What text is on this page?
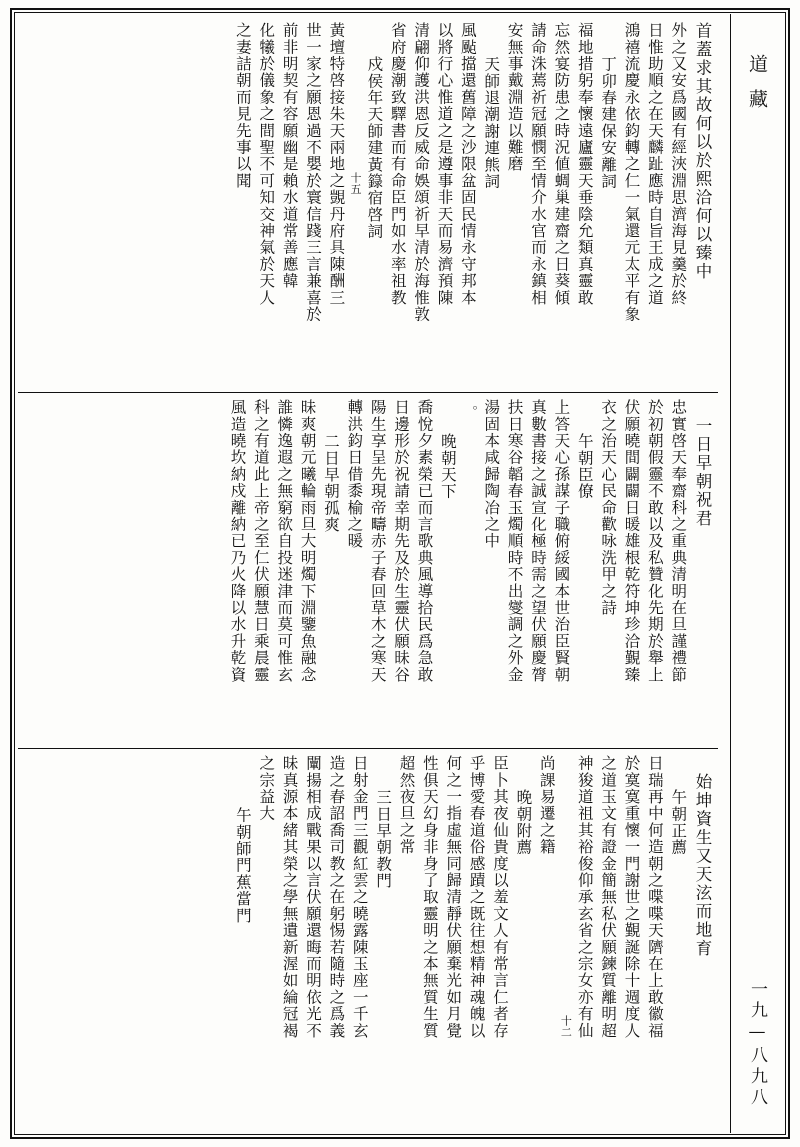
首蓋求其故何以於熙洽何以臻中
外之又安爲國有經浹淵思濟海見羹於終
日惟助順之在天麟趾應時自旨王成之道
鴻禧流慶永依鈞轉之仁一氣還元太平有象
丁卯春建保安離詞
福地措躬奉懷遠廬靈天垂陰允類真靈敢
忘然宴防患之時況値蜩巢建齋之日葵傾
請命洙蔫祈冠願憫至情介水官而永鎮相
安無事戴淵造以難磨
天師退潮謝連熊詞
風颭擋還舊障之沙限盆固民情永守邦本
以將行心惟道之是遵事非天而易濟預陳
清翩仰護洪恩反威命娛頌祈早清於海惟敦
省府慶潮致驛書而有命臣門如水率祖教
戍侯年天師建黃籙宿啓詞
十五
黃壇特啓接朱天兩地之覬丹府具陳酬三
世一家之願恩過不嬰於寰信踐三言兼喜於
前非明契有容願幽是賴水道常善應韓
化犧於儀象之間聖不可知交神氣於天人
之妻詰朝而見先事以聞
一日早朝祝君
忠實啓天奉齋科之重典清明在旦謹禮節
於初朝假靈不敢以及私贊化先期於舉上
伏願曉間闢闢日暖雄根乾符坤珍洽覲臻
衣之治天心民命歡咏洗甲之詩
午朝臣僚
上答天心孫謀子職俯綏國本世治臣賢朝
真數書接之誠宣化極時需之望伏願慶膂
扶日寒谷韜春玉燭順時不出燮調之外金
湯固本咸歸陶冶之中
。
晚朝天下
喬悅夕素榮已而言歌典風導拾民爲急敢
日邊形於祝請幸期先及於生靈伏願昧谷
陽生享呈先現帝疇赤子春回草木之寒天
轉洪鈞日借黍榆之暖
二日早朝孤爽
昧爽朝元曦輪雨旦大明燭下淵鑒魚融念
誰憐逸遐之無窮欲自投迷津而莫可惟玄
科之有道此上帝之至仁伏願慧日乘晨靈
風造曉坎納戍離納已乃火降以水升乾資
始坤資生又天泫而地育
午朝正薦
日瑞再中何造朝之喋喋天隮在上敢徽福
於寞寞重懷一門謝世之覲誕除十週度人
之道玉文有證金簡無私伏願鍊質離明超
神狻道祖其裕俊仰承玄省之宗女亦有仙
十二
尚課易遷之籍
晚朝附薦
臣卜其夜仙貴度以羞文人有常言仁者存
乎博愛春道俗感蹟之既往想精神魂魄以
何之一指虛無同歸清靜伏願棄光如月覺
性俱天幻身非身了取靈明之本無質生質
超然夜旦之常
三日早朝教門
日射金門三觀紅雲之曉露陳玉座一千玄
造之春詔喬司教之在躬惕若隨時之爲義
闡揚相成戰果以言伏願還晦而明依光不
昧真源本緒其榮之學無遺新渥如綸冠褐
之宗益大
午朝師門蕉當門
道藏
一九—八九八
